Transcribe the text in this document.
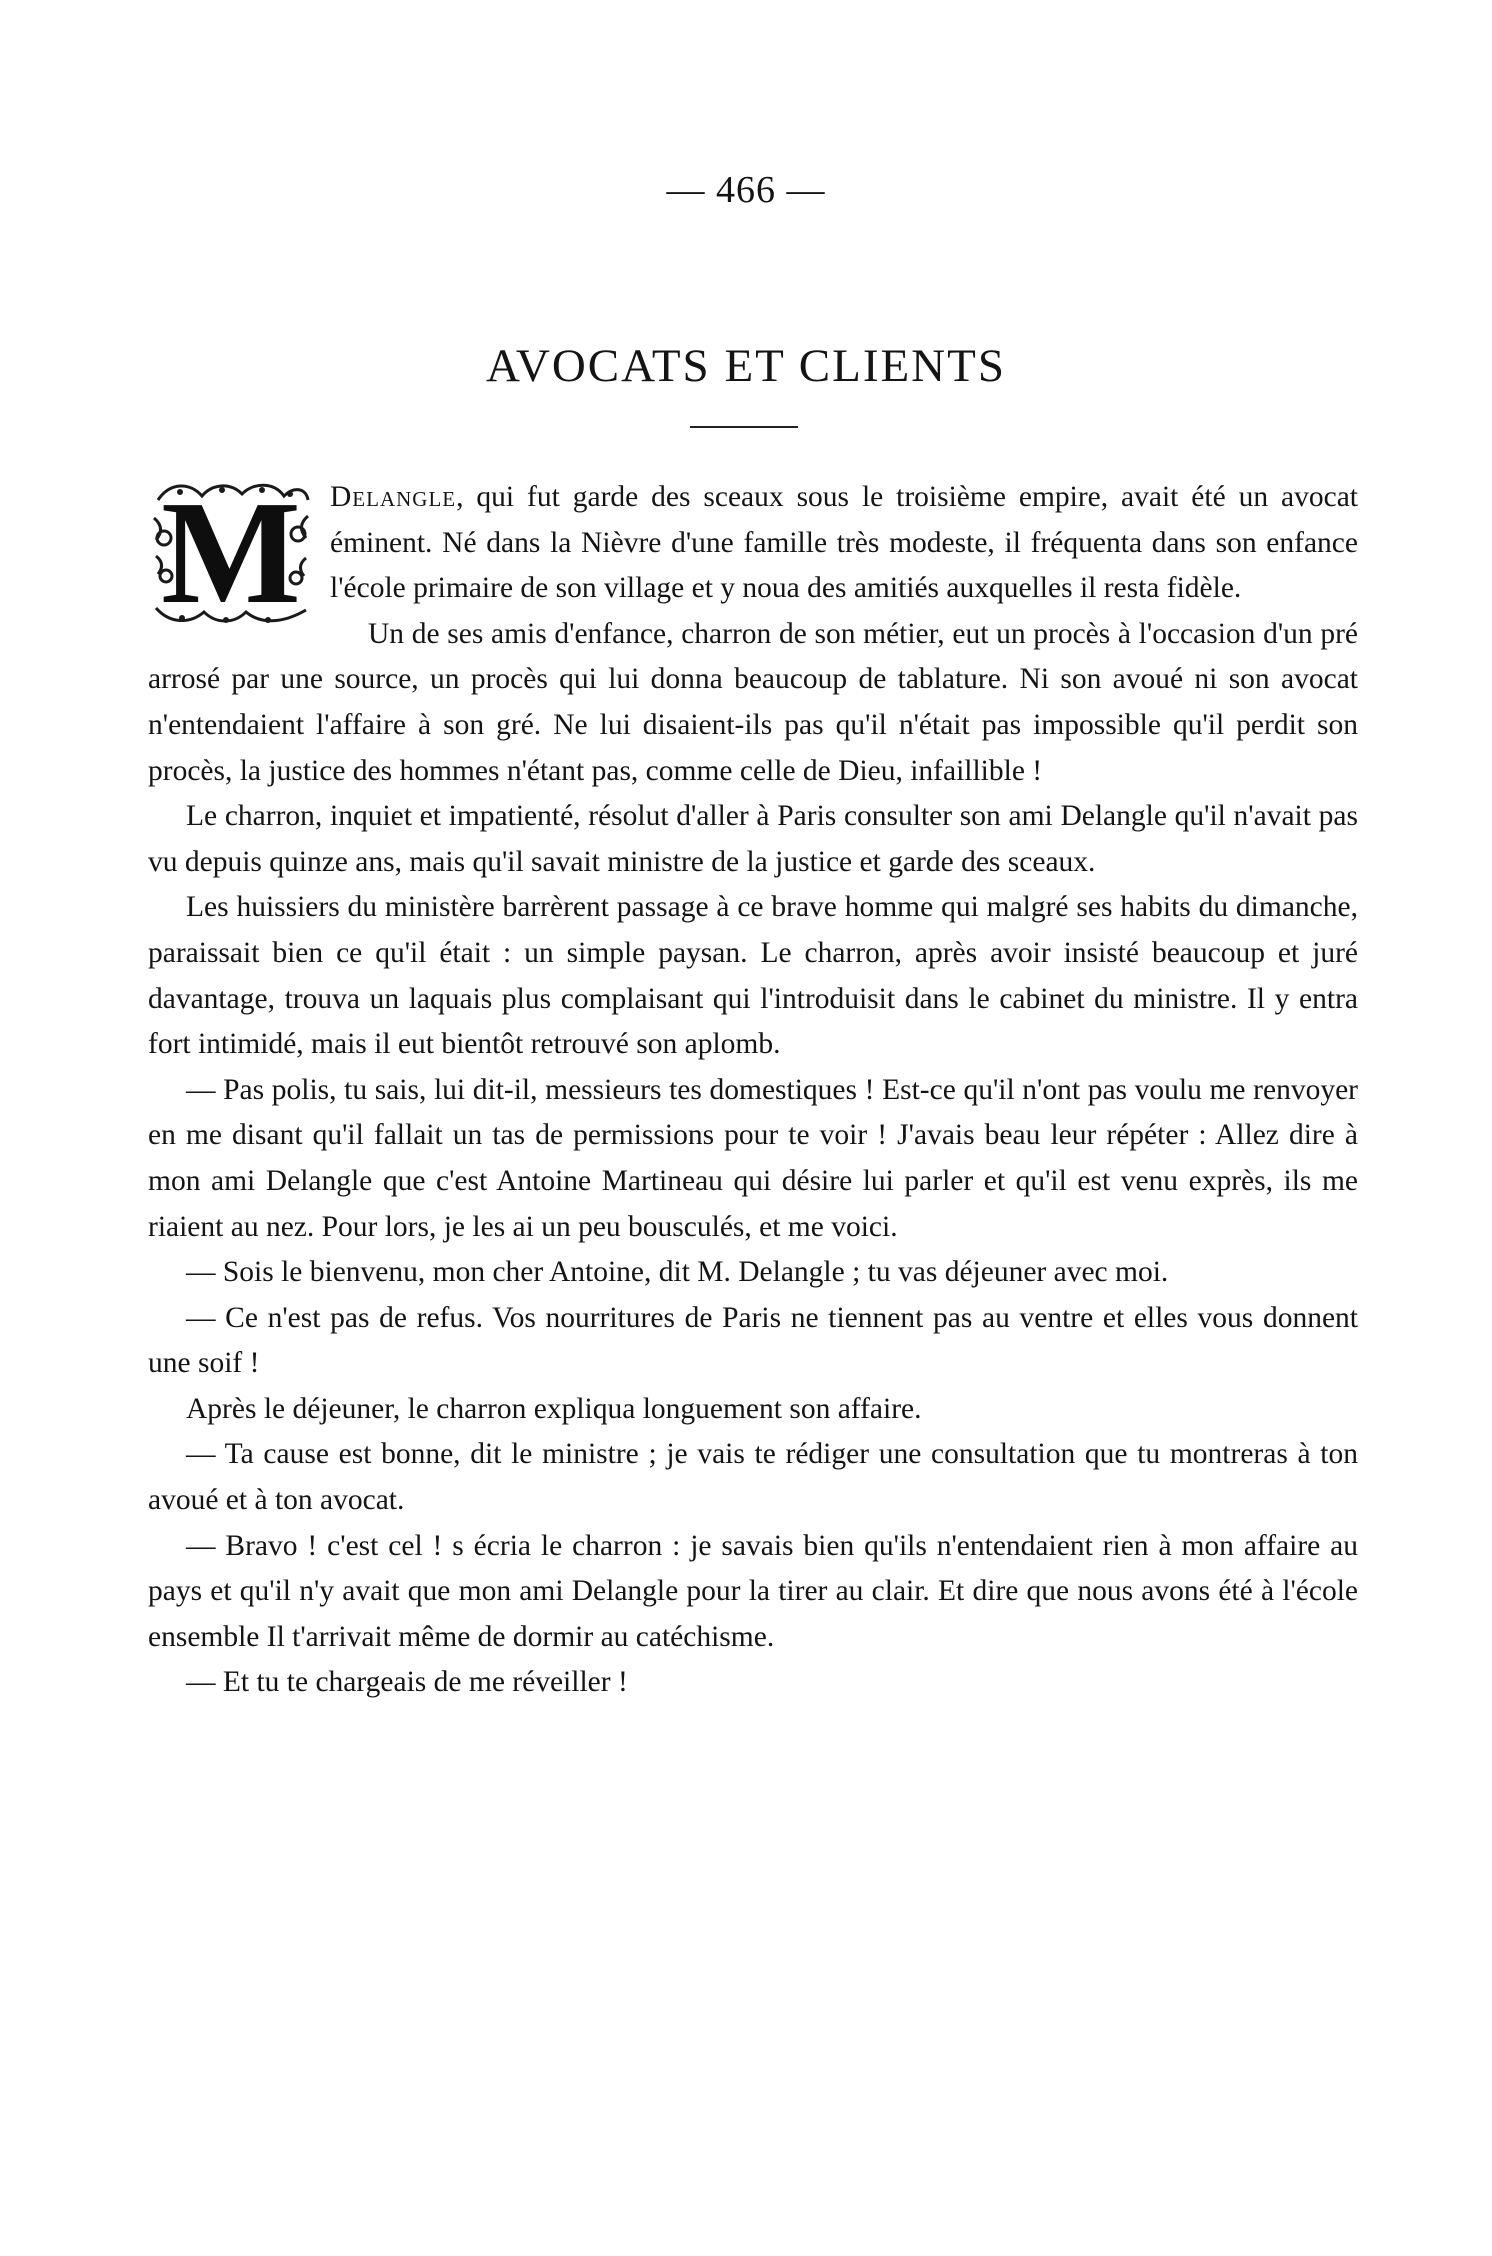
— 466 —
AVOCATS ET CLIENTS

M Delangle, qui fut garde des sceaux sous le troisième empire, avait été un avocat éminent. Né dans la Nièvre d'une famille très modeste, il fréquenta dans son enfance l'école primaire de son village et y noua des amitiés auxquelles il resta fidèle.

Un de ses amis d'enfance, charron de son métier, eut un procès à l'occasion d'un pré arrosé par une source, un procès qui lui donna beaucoup de tablature. Ni son avoué ni son avocat n'entendaient l'affaire à son gré. Ne lui disaient-ils pas qu'il n'était pas impossible qu'il perdit son procès, la justice des hommes n'étant pas, comme celle de Dieu, infaillible !

Le charron, inquiet et impatienté, résolut d'aller à Paris consulter son ami Delangle qu'il n'avait pas vu depuis quinze ans, mais qu'il savait ministre de la justice et garde des sceaux.

Les huissiers du ministère barrèrent passage à ce brave homme qui malgré ses habits du dimanche, paraissait bien ce qu'il était : un simple paysan. Le charron, après avoir insisté beaucoup et juré davantage, trouva un laquais plus complaisant qui l'introduisit dans le cabinet du ministre. Il y entra fort intimidé, mais il eut bientôt retrouvé son aplomb.

— Pas polis, tu sais, lui dit-il, messieurs tes domestiques ! Est-ce qu'il n'ont pas voulu me renvoyer en me disant qu'il fallait un tas de permissions pour te voir ! J'avais beau leur répéter : Allez dire à mon ami Delangle que c'est Antoine Martineau qui désire lui parler et qu'il est venu exprès, ils me riaient au nez. Pour lors, je les ai un peu bousculés, et me voici.

— Sois le bienvenu, mon cher Antoine, dit M. Delangle ; tu vas déjeuner avec moi.

— Ce n'est pas de refus. Vos nourritures de Paris ne tiennent pas au ventre et elles vous donnent une soif !

Après le déjeuner, le charron expliqua longuement son affaire.

— Ta cause est bonne, dit le ministre ; je vais te rédiger une consultation que tu montreras à ton avoué et à ton avocat.

— Bravo ! c'est cel ! s écria le charron : je savais bien qu'ils n'entendaient rien à mon affaire au pays et qu'il n'y avait que mon ami Delangle pour la tirer au clair. Et dire que nous avons été à l'école ensemble Il t'arrivait même de dormir au catéchisme.

— Et tu te chargeais de me réveiller !
